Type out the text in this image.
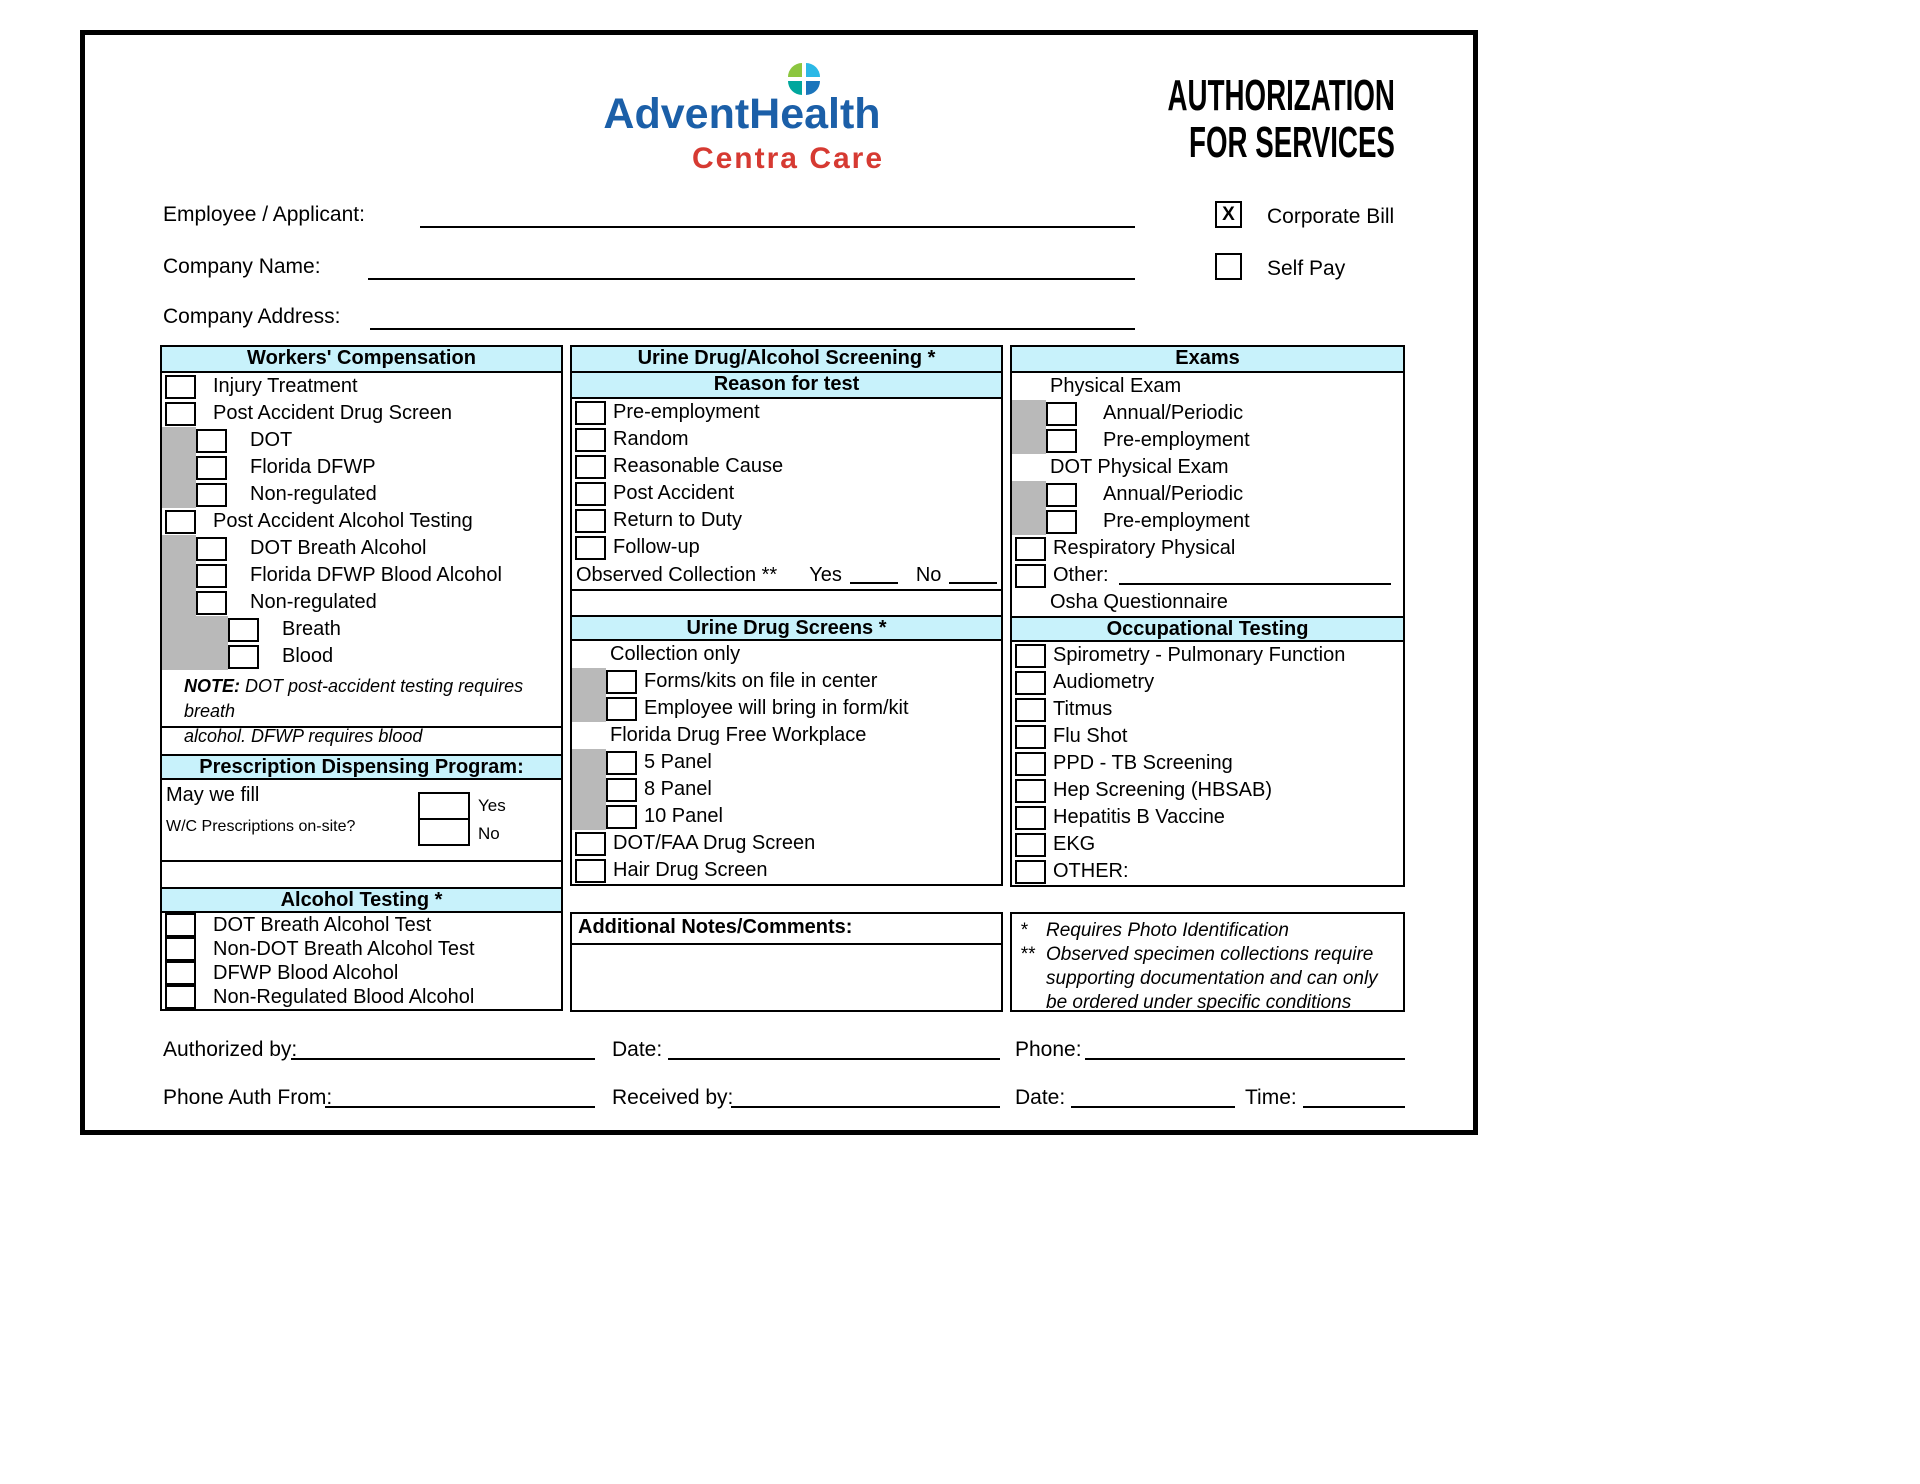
AdventHealth
Centra Care
AUTHORIZATION
FOR SERVICES
Employee / Applicant:	X Corporate Bill
Company Name:	Self Pay
Company Address:
Workers' Compensation
Injury Treatment
Post Accident Drug Screen
DOT
Florida DFWP
Non-regulated
Post Accident Alcohol Testing
DOT Breath Alcohol
Florida DFWP Blood Alcohol
Non-regulated
Breath
Blood
NOTE: DOT post-accident testing requires breath
alcohol. DFWP requires blood
Prescription Dispensing Program:
May we fill
W/C Prescriptions on-site?
Yes
No
Alcohol Testing *
DOT Breath Alcohol Test
Non-DOT Breath Alcohol Test
DFWP Blood Alcohol
Non-Regulated Blood Alcohol
Urine Drug/Alcohol Screening *
Reason for test
Pre-employment
Random
Reasonable Cause
Post Accident
Return to Duty
Follow-up
Observed Collection ** Yes	No
Urine Drug Screens *
Collection only
Forms/kits on file in center
Employee will bring in form/kit
Florida Drug Free Workplace
5 Panel
8 Panel
10 Panel
DOT/FAA Drug Screen
Hair Drug Screen
Exams
Physical Exam
Annual/Periodic
Pre-employment
DOT Physical Exam
Annual/Periodic
Pre-employment
Respiratory Physical
Other:
Osha Questionnaire
Occupational Testing
Spirometry - Pulmonary Function
Audiometry
Titmus
Flu Shot
PPD - TB Screening
Hep Screening (HBSAB)
Hepatitis B Vaccine
EKG
OTHER:
Additional Notes/Comments:	* Requires Photo Identification
** Observed specimen collections require
supporting documentation and can only
be ordered under specific conditions
Authorized by:	Date:	Phone:
Phone Auth From:	Received by:	Date:	Time:
